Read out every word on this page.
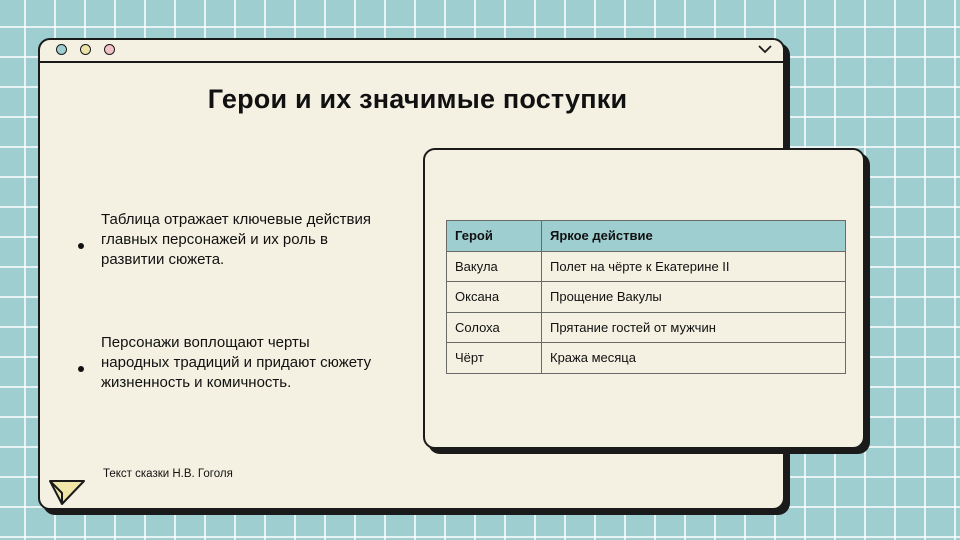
Герои и их значимые поступки

Таблица отражает ключевые действия главных персонажей и их роль в развитии сюжета.

Персонажи воплощают черты народных традиций и придают сюжету жизненность и комичность.

Текст сказки Н.В. Гоголя
Герой	Яркое действие
Вакула	Полет на чёрте к Екатерине II
Оксана	Прощение Вакулы
Солоха	Прятание гостей от мужчин
Чёрт	Кража месяца
